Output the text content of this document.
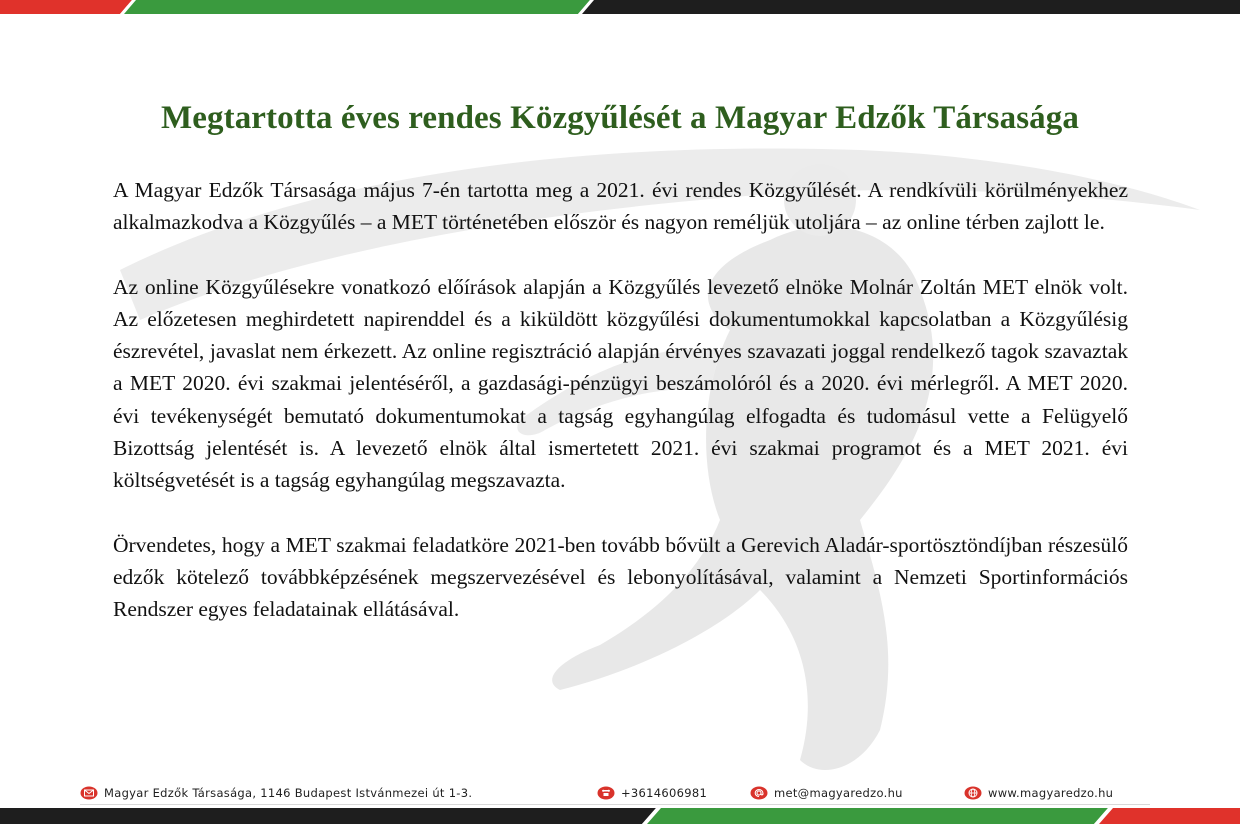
Megtartotta éves rendes Közgyűlését a Magyar Edzők Társasága

A Magyar Edzők Társasága május 7-én tartotta meg a 2021. évi rendes Közgyűlését. A rendkívüli körülményekhez alkalmazkodva a Közgyűlés – a MET történetében először és nagyon reméljük utoljára – az online térben zajlott le.

Az online Közgyűlésekre vonatkozó előírások alapján a Közgyűlés levezető elnöke Molnár Zoltán MET elnök volt. Az előzetesen meghirdetett napirenddel és a kiküldött közgyűlési dokumentumokkal kapcsolatban a Közgyűlésig észrevétel, javaslat nem érkezett. Az online regisztráció alapján érvényes szavazati joggal rendelkező tagok szavaztak a MET 2020. évi szakmai jelentéséről, a gazdasági-pénzügyi beszámolóról és a 2020. évi mérlegről. A MET 2020. évi tevékenységét bemutató dokumentumokat a tagság egyhangúlag elfogadta és tudomásul vette a Felügyelő Bizottság jelentését is. A levezető elnök által ismertetett 2021. évi szakmai programot és a MET 2021. évi költségvetését is a tagság egyhangúlag megszavazta.

Örvendetes, hogy a MET szakmai feladatköre 2021-ben tovább bővült a Gerevich Aladár-sportösztöndíjban részesülő edzők kötelező továbbképzésének megszervezésével és lebonyolításával, valamint a Nemzeti Sportinformációs Rendszer egyes feladatainak ellátásával.

Magyar Edzők Társasága, 1146 Budapest Istvánmezei út 1-3.	+3614606981	met@magyaredzo.hu	www.magyaredzo.hu
